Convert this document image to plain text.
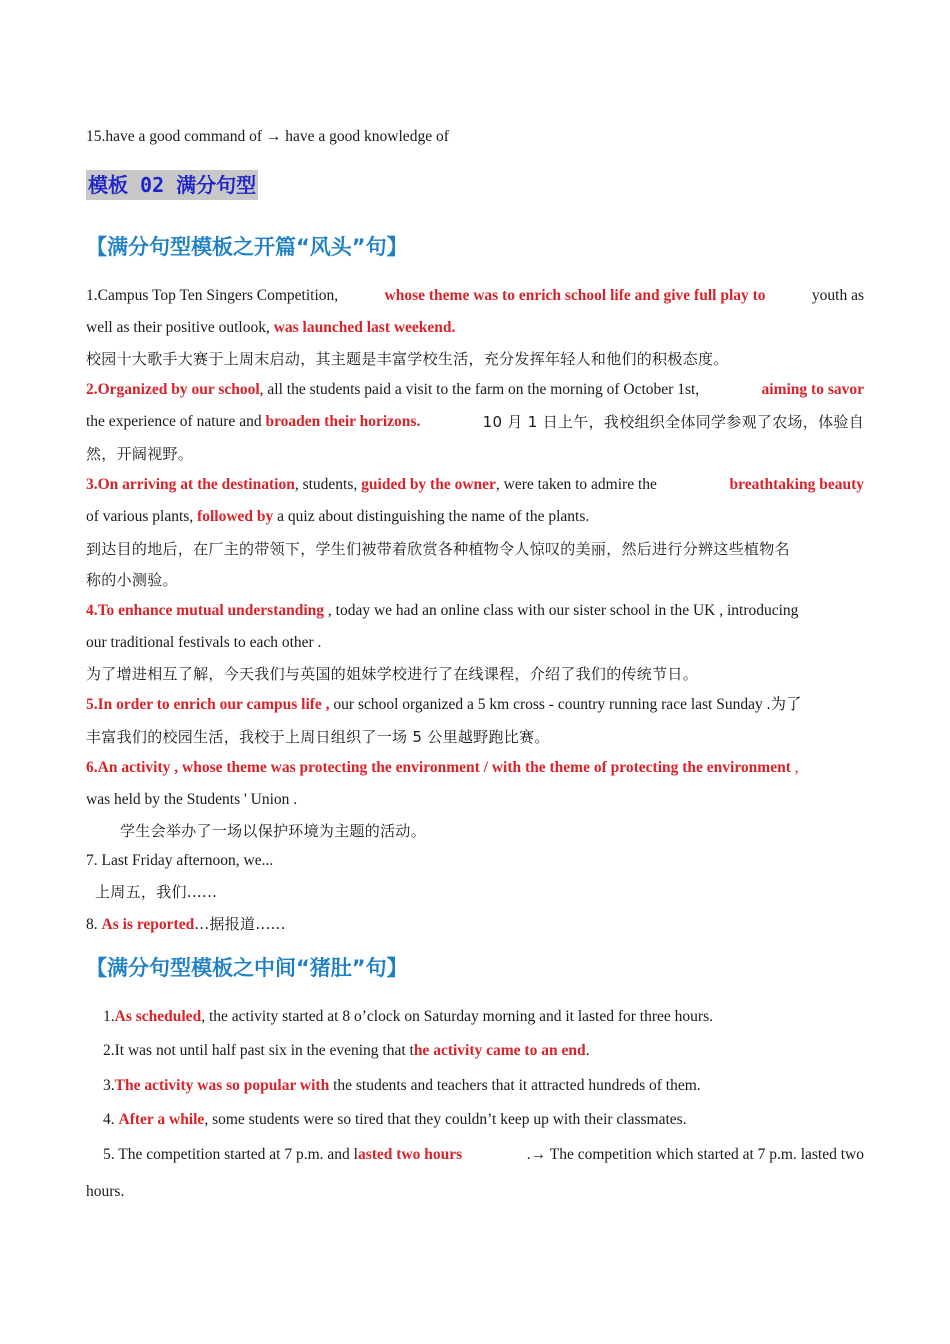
15.have a good command of → have a good knowledge of
模板 02 满分句型
【满分句型模板之开篇“风头”句】
1.Campus Top Ten Singers Competition,	whose theme was to enrich school life and give full play to	youth as
well as their positive outlook, was launched last weekend.
校园十大歌手大赛于上周末启动，其主题是丰富学校生活，充分发挥年轻人和他们的积极态度。
2.Organized by our school, all the students paid a visit to the farm on the morning of October 1st,	aiming to savor
the experience of nature and broaden their horizons.	10 月 1 日上午，我校组织全体同学参观了农场，体验自
然，开阔视野。
3.On arriving at the destination, students, guided by the owner, were taken to admire the	breathtaking beauty
of various plants, followed by a quiz about distinguishing the name of the plants.
到达目的地后，在厂主的带领下，学生们被带着欣赏各种植物令人惊叹的美丽，然后进行分辨这些植物名
称的小测验。
4.To enhance mutual understanding , today we had an online class with our sister school in the UK , introducing
our traditional festivals to each other .
为了增进相互了解，今天我们与英国的姐妹学校进行了在线课程，介绍了我们的传统节日。
5.In order to enrich our campus life , our school organized a 5 km cross - country running race last Sunday .为了
丰富我们的校园生活，我校于上周日组织了一场 5 公里越野跑比赛。
6.An activity , whose theme was protecting the environment / with the theme of protecting the environment ,
was held by the Students ' Union .
学生会举办了一场以保护环境为主题的活动。
7. Last Friday afternoon, we...
上周五，我们......
8. As is reported...据报道......
【满分句型模板之中间“猪肚”句】
1.As scheduled, the activity started at 8 o’clock on Saturday morning and it lasted for three hours.
2.It was not until half past six in the evening that the activity came to an end.
3.The activity was so popular with the students and teachers that it attracted hundreds of them.
4. After a while, some students were so tired that they couldn’t keep up with their classmates.
5. The competition started at 7 p.m. and lasted two hours	.→ The competition which started at 7 p.m. lasted two
hours.
